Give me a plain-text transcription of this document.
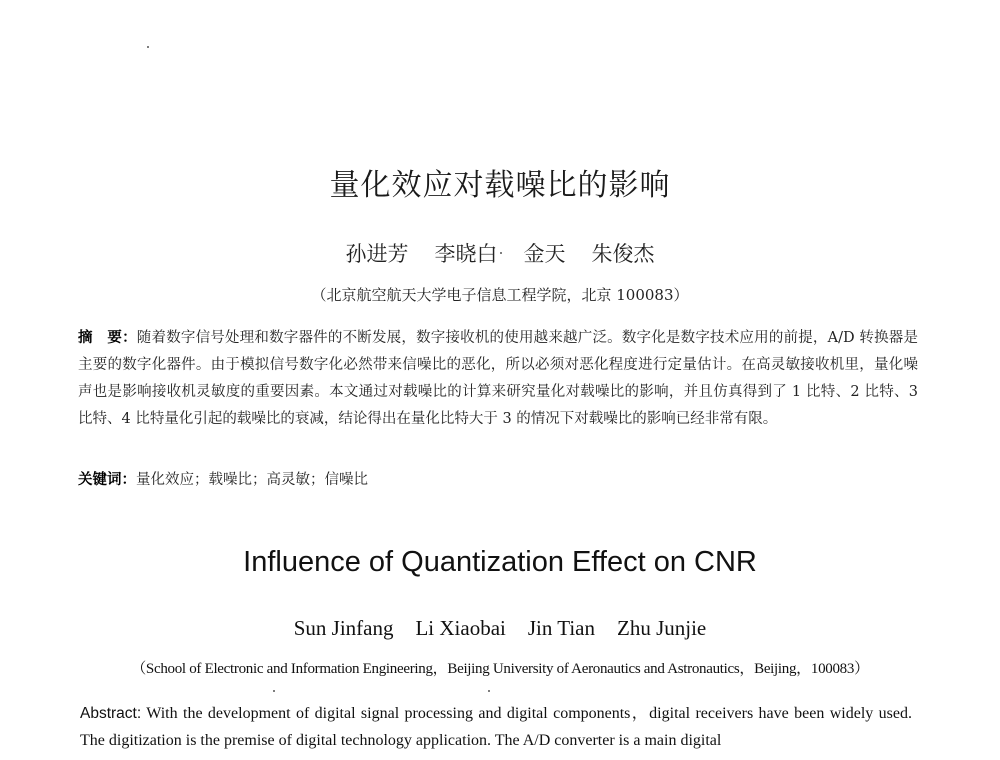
量化效应对载噪比的影响
孙进芳 李晓白 金天 朱俊杰
（北京航空航天大学电子信息工程学院，北京 100083）
摘　要：随着数字信号处理和数字器件的不断发展，数字接收机的使用越来越广泛。数字化是数字技术应用的前提，A/D 转换器是主要的数字化器件。由于模拟信号数字化必然带来信噪比的恶化，所以必须对恶化程度进行定量估计。在高灵敏接收机里，量化噪声也是影响接收机灵敏度的重要因素。本文通过对载噪比的计算来研究量化对载噪比的影响，并且仿真得到了 1 比特、2 比特、3 比特、4 比特量化引起的载噪比的衰减，结论得出在量化比特大于 3 的情况下对载噪比的影响已经非常有限。
关键词：量化效应；载噪比；高灵敏；信噪比
Influence of Quantization Effect on CNR
Sun Jinfang Li Xiaobai Jin Tian Zhu Junjie
（School of Electronic and Information Engineering，Beijing University of Aeronautics and Astronautics，Beijing，100083）
Abstract: With the development of digital signal processing and digital components，digital receivers have been widely used. The digitization is the premise of digital technology application. The A/D converter is a main digital
